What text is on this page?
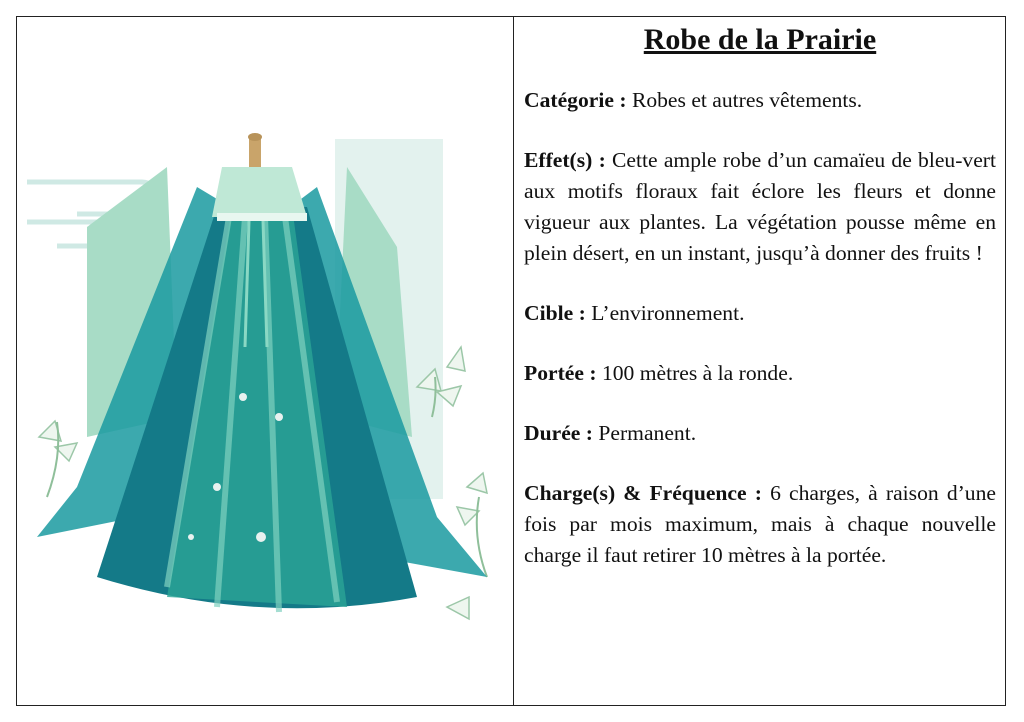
Robe de la Prairie

Catégorie : Robes et autres vêtements.

Effet(s) : Cette ample robe d’un camaïeu de bleu-vert aux motifs floraux fait éclore les fleurs et donne vigueur aux plantes. La végétation pousse même en plein désert, en un instant, jusqu’à donner des fruits !

Cible : L’environnement.

Portée : 100 mètres à la ronde.

Durée : Permanent.

Charge(s) & Fréquence : 6 charges, à raison d’une fois par mois maximum, mais à chaque nouvelle charge il faut retirer 10 mètres à la portée.
